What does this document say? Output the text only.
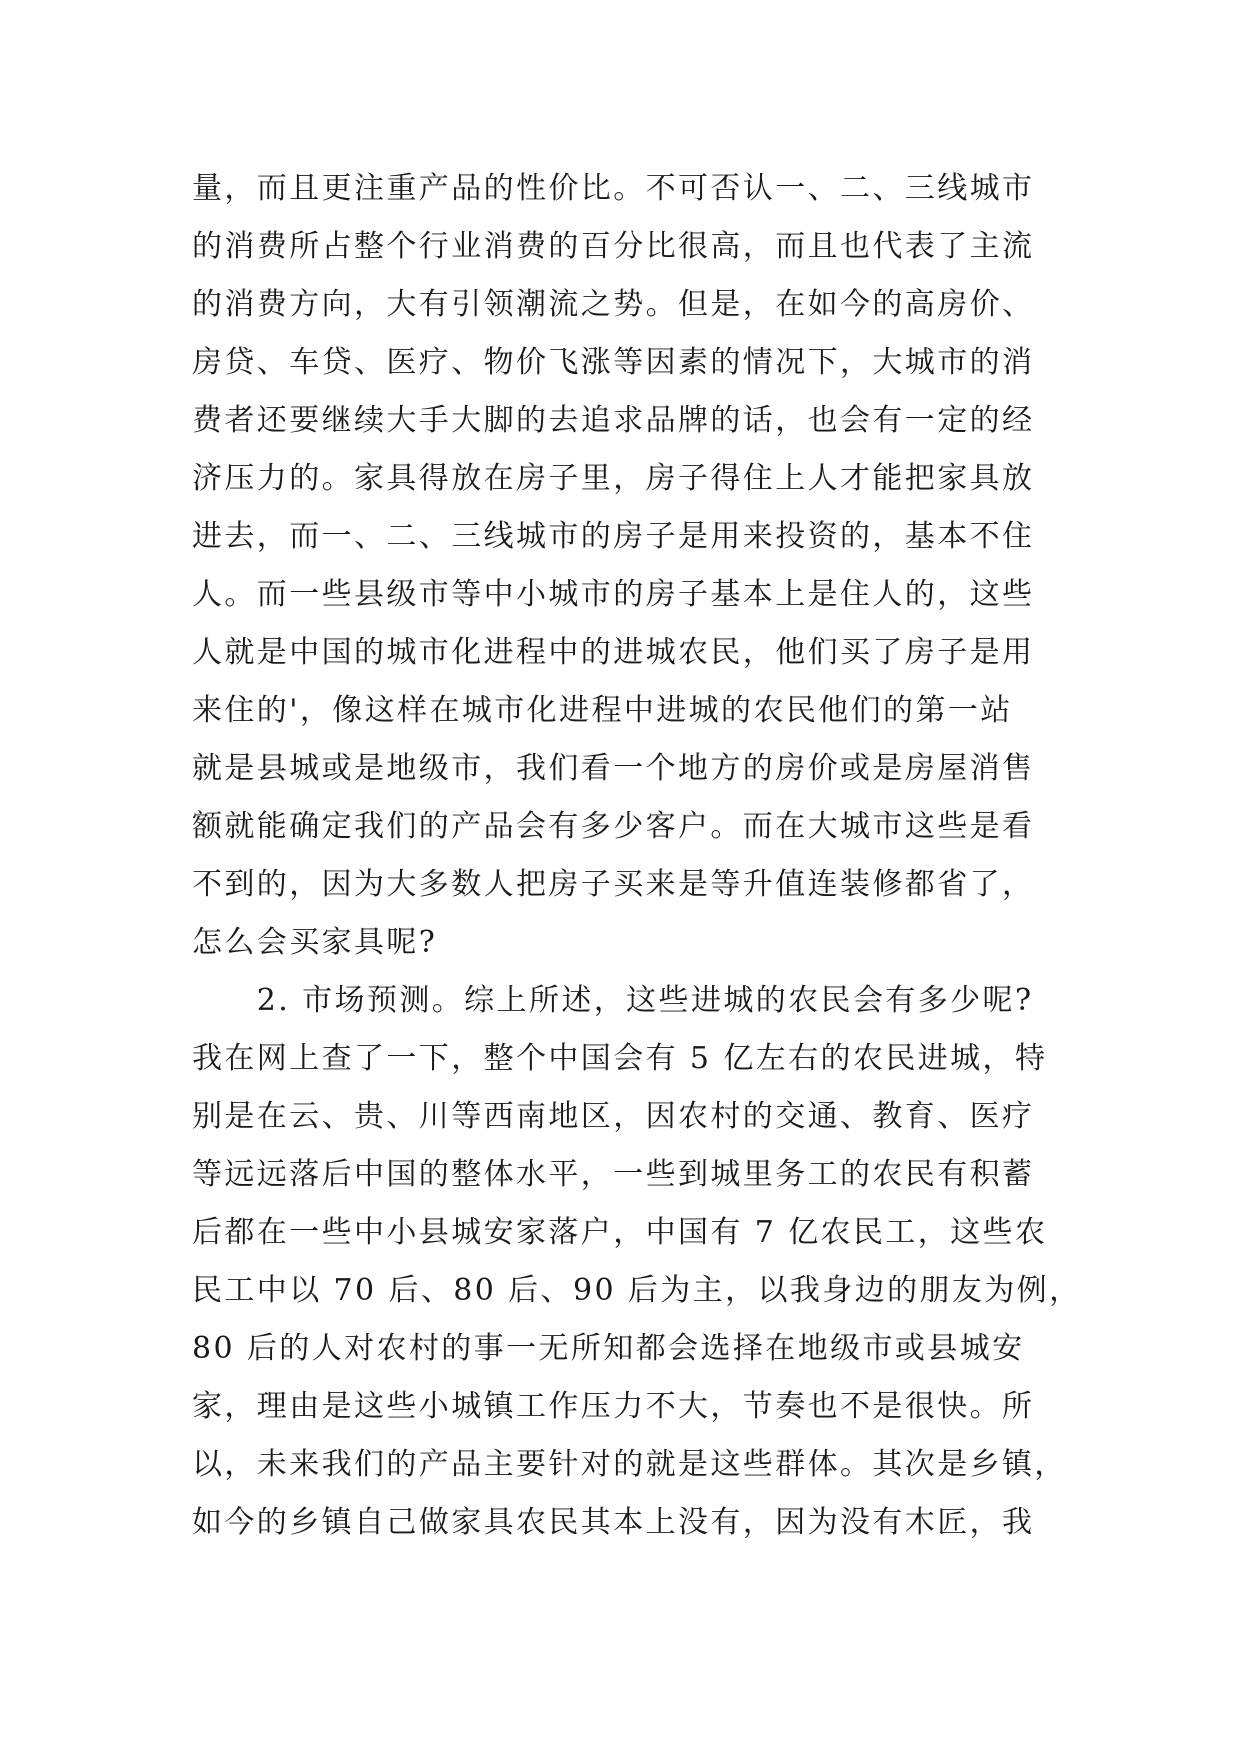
量，而且更注重产品的性价比。不可否认一、二、三线城市
的消费所占整个行业消费的百分比很高，而且也代表了主流
的消费方向，大有引领潮流之势。但是，在如今的高房价、
房贷、车贷、医疗、物价飞涨等因素的情况下，大城市的消
费者还要继续大手大脚的去追求品牌的话，也会有一定的经
济压力的。家具得放在房子里，房子得住上人才能把家具放
进去，而一、二、三线城市的房子是用来投资的，基本不住
人。而一些县级市等中小城市的房子基本上是住人的，这些
人就是中国的城市化进程中的进城农民，他们买了房子是用
来住的'，像这样在城市化进程中进城的农民他们的第一站
就是县城或是地级市，我们看一个地方的房价或是房屋消售
额就能确定我们的产品会有多少客户。而在大城市这些是看
不到的，因为大多数人把房子买来是等升值连装修都省了，
怎么会买家具呢?
　　2. 市场预测。综上所述，这些进城的农民会有多少呢?
我在网上查了一下，整个中国会有 5 亿左右的农民进城，特
别是在云、贵、川等西南地区，因农村的交通、教育、医疗
等远远落后中国的整体水平，一些到城里务工的农民有积蓄
后都在一些中小县城安家落户，中国有 7 亿农民工，这些农
民工中以 70 后、80 后、90 后为主，以我身边的朋友为例，
80 后的人对农村的事一无所知都会选择在地级市或县城安
家，理由是这些小城镇工作压力不大，节奏也不是很快。所
以，未来我们的产品主要针对的就是这些群体。其次是乡镇，
如今的乡镇自己做家具农民其本上没有，因为没有木匠，我
